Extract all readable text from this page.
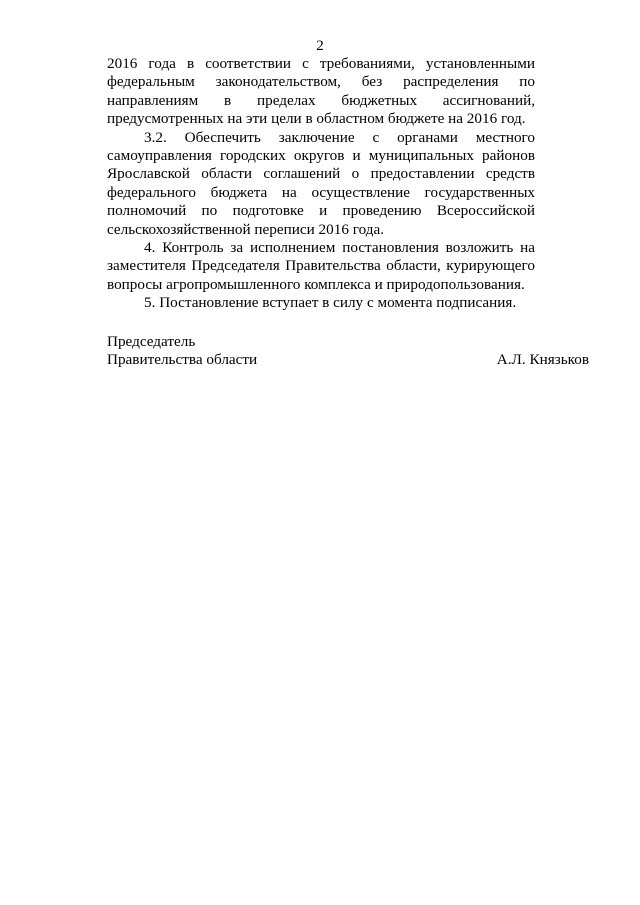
2

2016 года в соответствии с требованиями, установленными федеральным законодательством, без распределения по направлениям в пределах бюджетных ассигнований, предусмотренных на эти цели в областном бюджете на 2016 год.

3.2. Обеспечить заключение с органами местного самоуправления городских округов и муниципальных районов Ярославской области соглашений о предоставлении средств федерального бюджета на осуществление государственных полномочий по подготовке и проведению Всероссийской сельскохозяйственной переписи 2016 года.

4. Контроль за исполнением постановления возложить на заместителя Председателя Правительства области, курирующего вопросы агропромышленного комплекса и природопользования.

5. Постановление вступает в силу с момента подписания.

Председатель
Правительства области	А.Л. Князьков
